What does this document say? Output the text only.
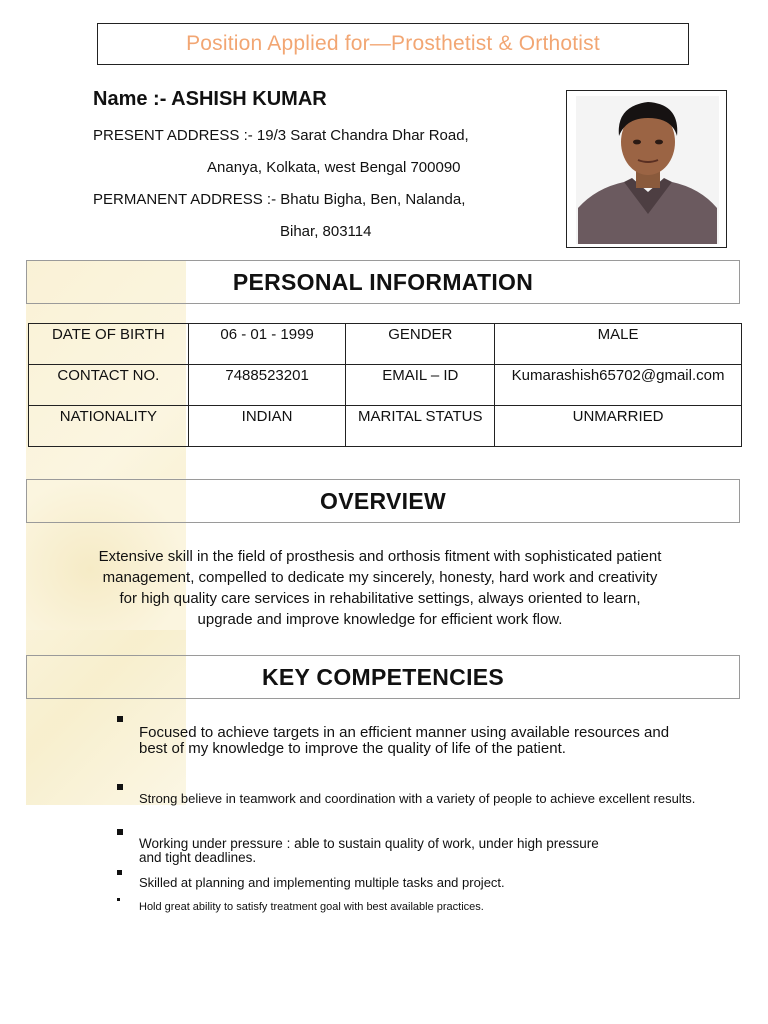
Position Applied for—Prosthetist & Orthotist
Name :- ASHISH KUMAR
PRESENT ADDRESS :- 19/3 Sarat Chandra Dhar Road,
Ananya, Kolkata, west Bengal 700090
PERMANENT ADDRESS :- Bhatu Bigha, Ben, Nalanda,
Bihar, 803114
PERSONAL INFORMATION
DATE OF BIRTH	06 - 01 - 1999	GENDER	MALE
CONTACT NO.	7488523201	EMAIL – ID	Kumarashish65702@gmail.com
NATIONALITY	INDIAN	MARITAL STATUS	UNMARRIED
OVERVIEW
Extensive skill in the field of prosthesis and orthosis fitment with sophisticated patient
management, compelled to dedicate my sincerely, honesty, hard work and creativity
for high quality care services in rehabilitative settings, always oriented to learn,
upgrade and improve knowledge for efficient work flow.
KEY COMPETENCIES
Focused to achieve targets in an efficient manner using available resources and best of my knowledge to improve the quality of life of the patient.
Strong believe in teamwork and coordination with a variety of people to achieve excellent results.
Working under pressure : able to sustain quality of work, under high pressure and tight deadlines.
Skilled at planning and implementing multiple tasks and project.
Hold great ability to satisfy treatment goal with best available practices.
